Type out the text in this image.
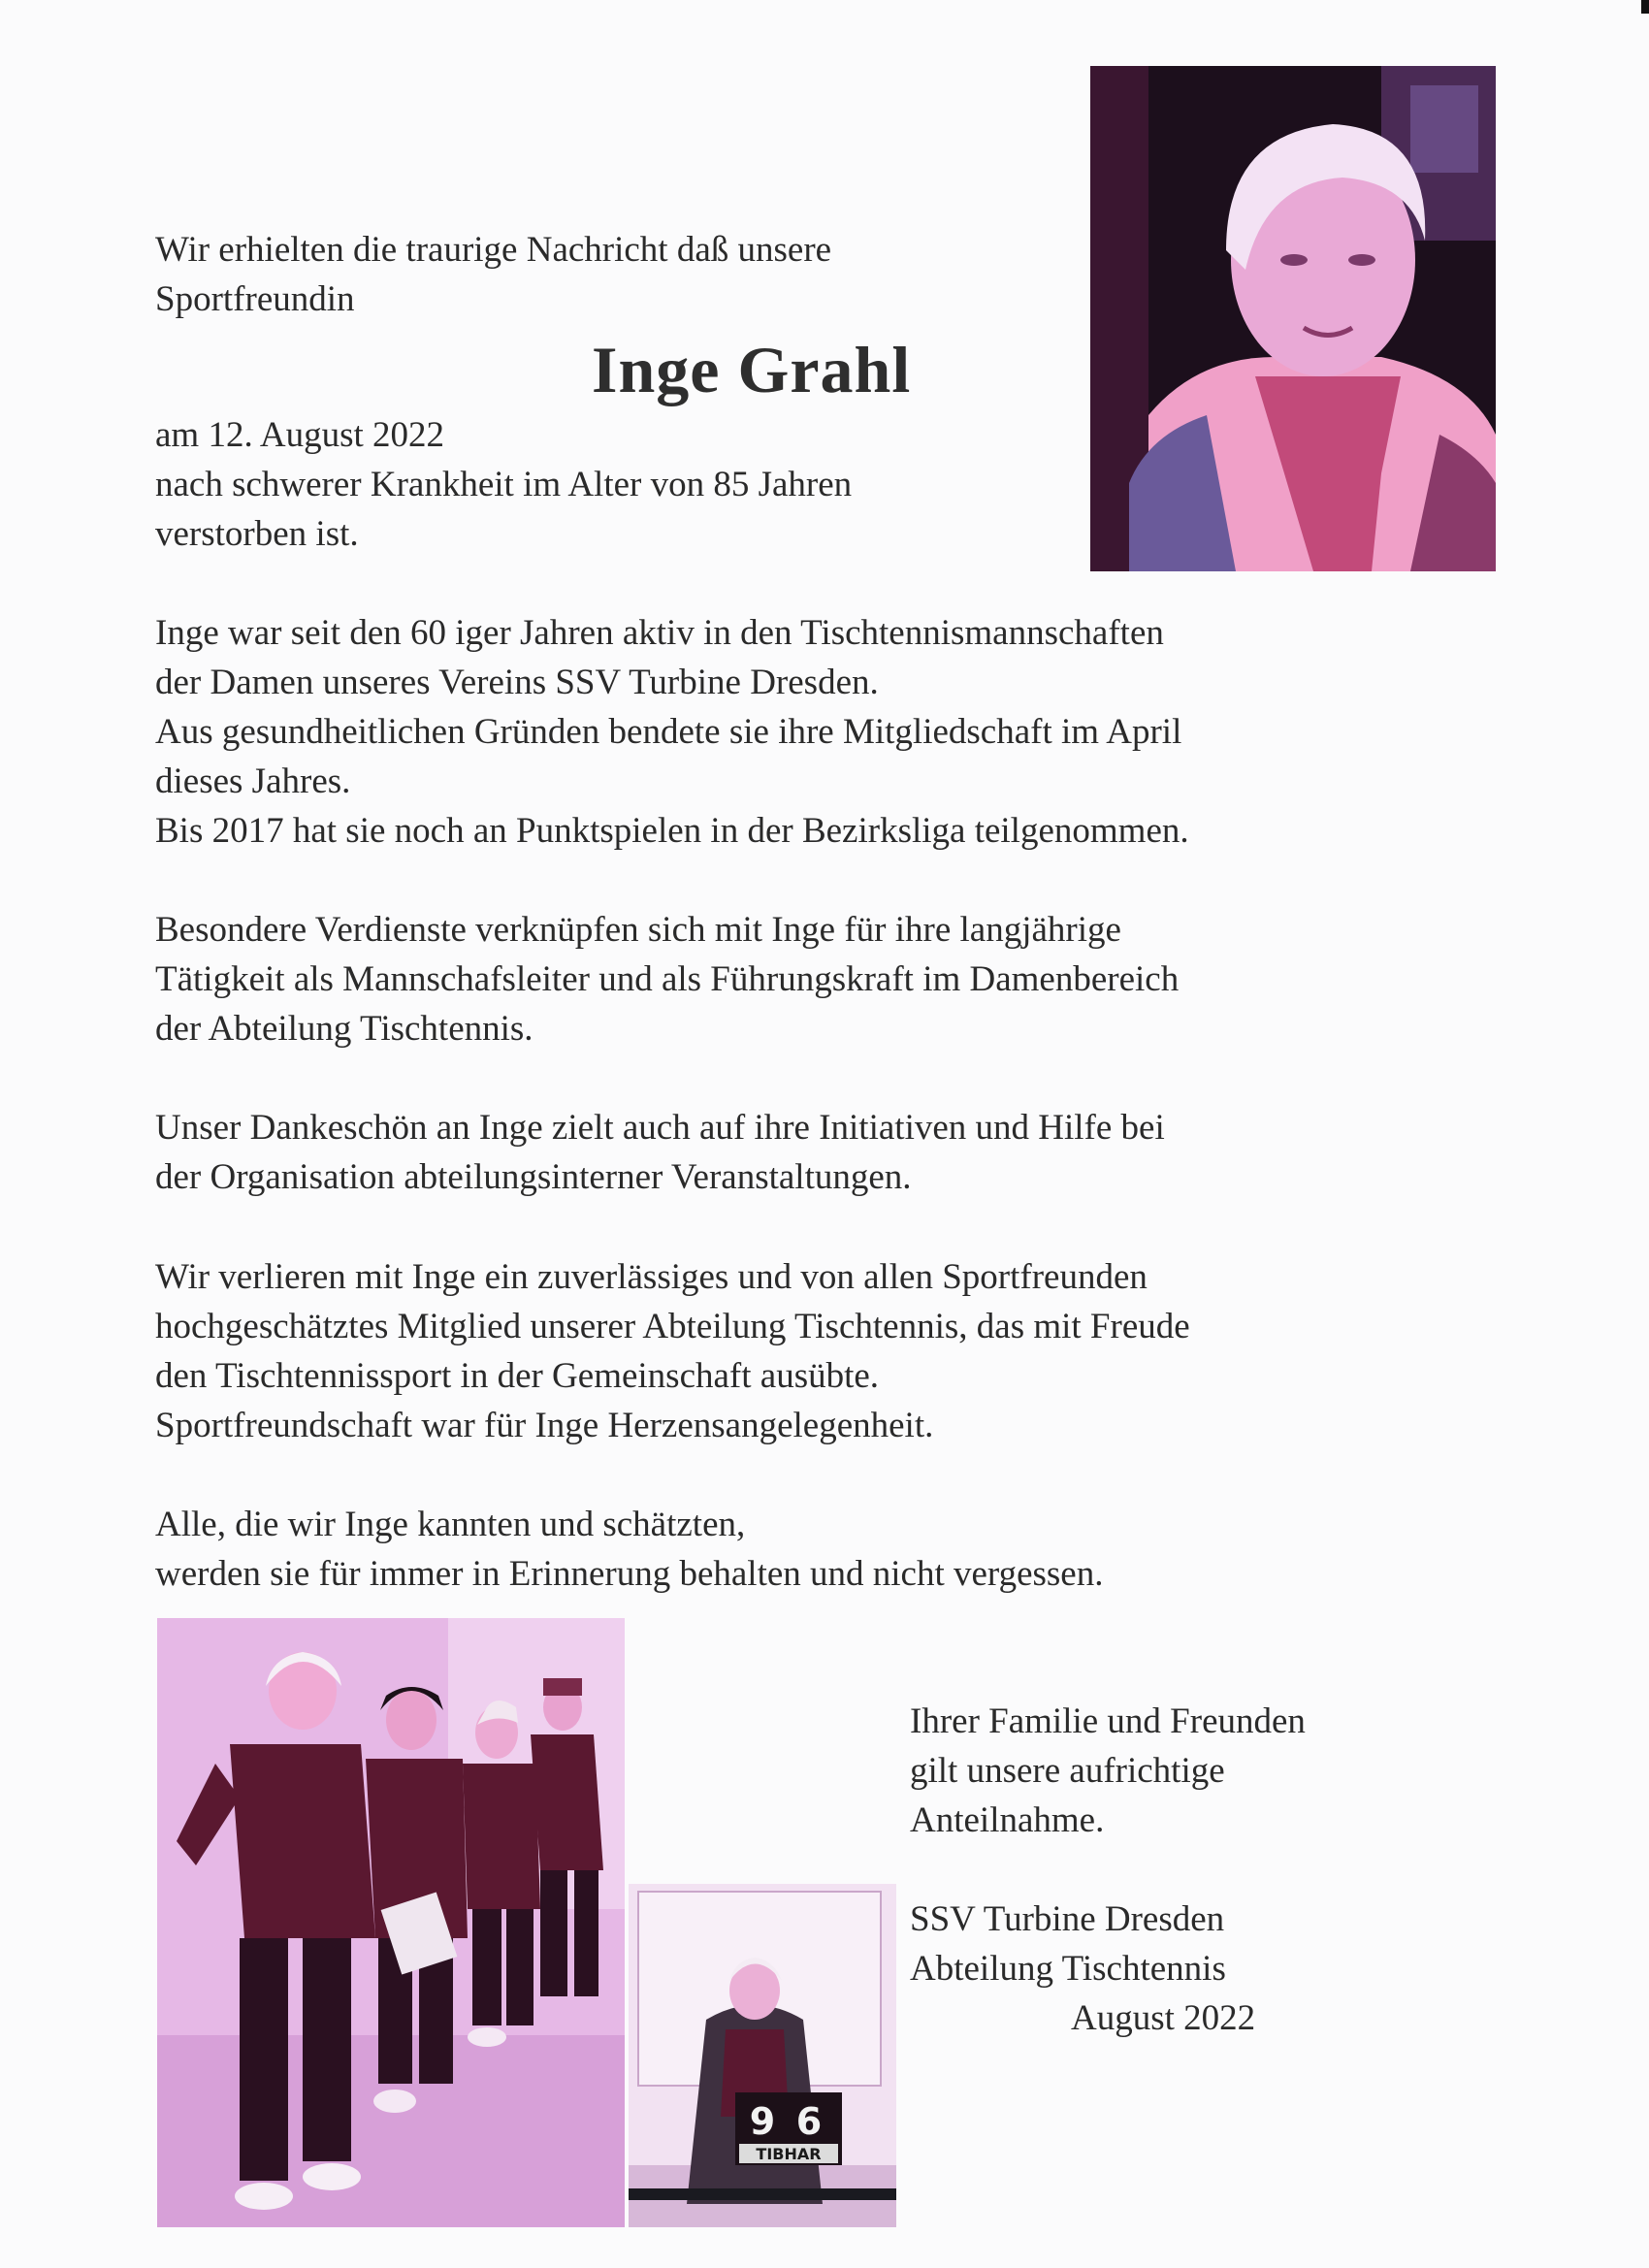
Wir erhielten die traurige Nachricht daß unsere

Sportfreundin

Inge Grahl

am 12. August 2022

nach schwerer Krankheit im Alter von 85 Jahren

verstorben ist.

Inge war seit den 60 iger Jahren aktiv in den Tischtennismannschaften

der Damen unseres Vereins SSV Turbine Dresden.

Aus gesundheitlichen Gründen bendete sie ihre Mitgliedschaft im April

dieses Jahres.

Bis 2017 hat sie noch an Punktspielen in der Bezirksliga teilgenommen.

Besondere Verdienste verknüpfen sich mit Inge für ihre langjährige

Tätigkeit als Mannschafsleiter und als Führungskraft im Damenbereich

der Abteilung Tischtennis.

Unser Dankeschön an Inge zielt auch auf ihre Initiativen und Hilfe bei

der Organisation abteilungsinterner Veranstaltungen.

Wir verlieren mit Inge ein zuverlässiges und von allen Sportfreunden

hochgeschätztes Mitglied unserer Abteilung Tischtennis, das mit Freude

den Tischtennissport in der Gemeinschaft ausübte.

Sportfreundschaft war für Inge Herzensangelegenheit.

Alle, die wir Inge kannten und schätzten,

werden sie für immer in Erinnerung behalten und nicht vergessen.

9 6
TIBHAR

Ihrer Familie und Freunden

gilt unsere aufrichtige

Anteilnahme.

SSV Turbine Dresden

Abteilung Tischtennis

August 2022
